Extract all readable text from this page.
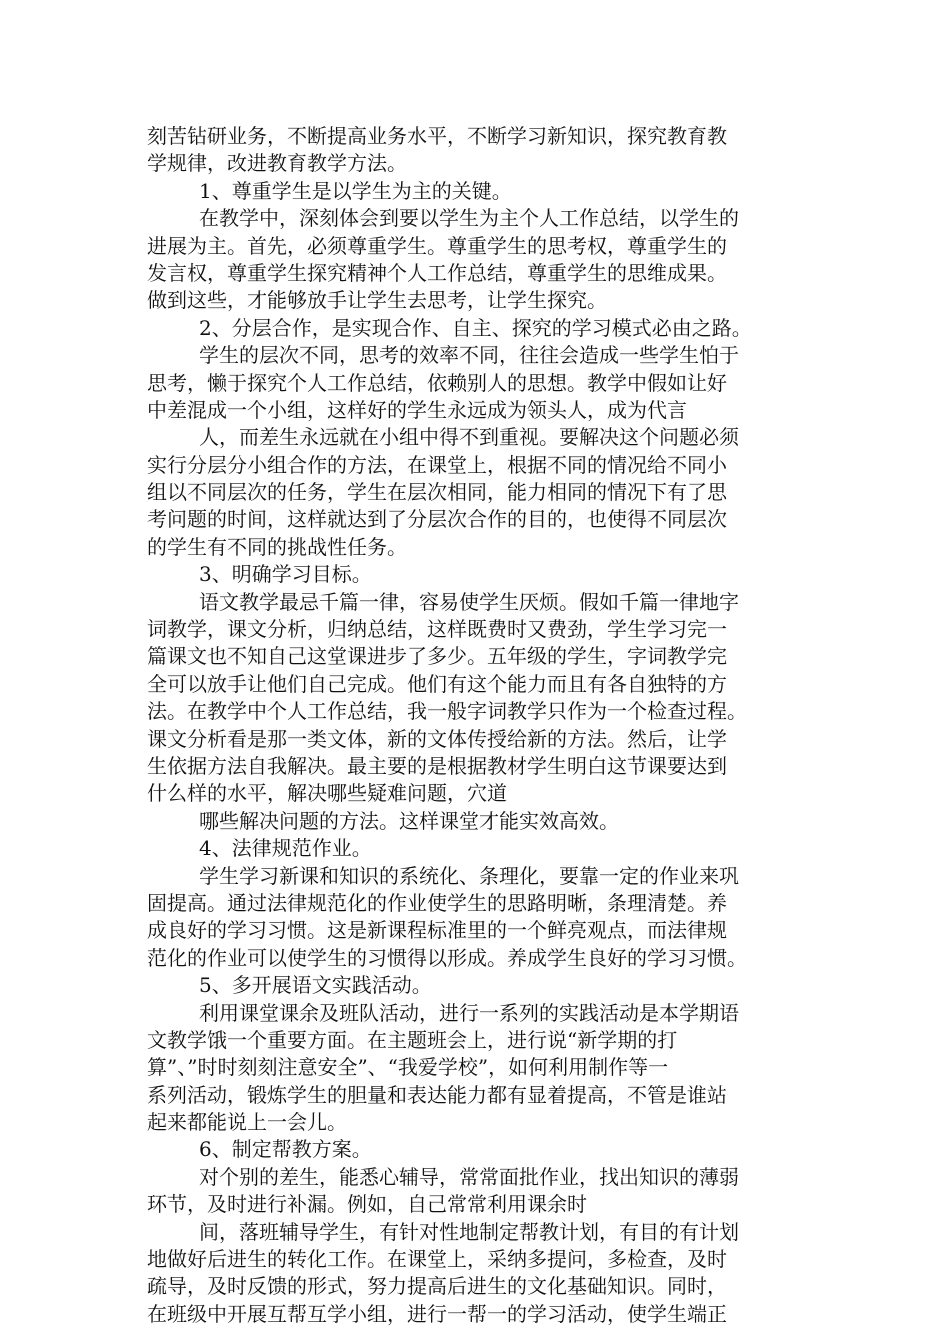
刻苦钻研业务，不断提高业务水平，不断学习新知识，探究教育教
学规律，改进教育教学方法。
1、尊重学生是以学生为主的关键。
在教学中，深刻体会到要以学生为主个人工作总结，以学生的
进展为主。首先，必须尊重学生。尊重学生的思考权，尊重学生的
发言权，尊重学生探究精神个人工作总结，尊重学生的思维成果。
做到这些，才能够放手让学生去思考，让学生探究。
2、分层合作，是实现合作、自主、探究的学习模式必由之路。
学生的层次不同，思考的效率不同，往往会造成一些学生怕于
思考，懒于探究个人工作总结，依赖别人的思想。教学中假如让好
中差混成一个小组，这样好的学生永远成为领头人，成为代言
人，而差生永远就在小组中得不到重视。要解决这个问题必须
实行分层分小组合作的方法，在课堂上，根据不同的情况给不同小
组以不同层次的任务，学生在层次相同，能力相同的情况下有了思
考问题的时间，这样就达到了分层次合作的目的，也使得不同层次
的学生有不同的挑战性任务。
3、明确学习目标。
语文教学最忌千篇一律，容易使学生厌烦。假如千篇一律地字
词教学，课文分析，归纳总结，这样既费时又费劲，学生学习完一
篇课文也不知自己这堂课进步了多少。五年级的学生，字词教学完
全可以放手让他们自己完成。他们有这个能力而且有各自独特的方
法。在教学中个人工作总结，我一般字词教学只作为一个检查过程。
课文分析看是那一类文体，新的文体传授给新的方法。然后，让学
生依据方法自我解决。最主要的是根据教材学生明白这节课要达到
什么样的水平，解决哪些疑难问题，穴道
哪些解决问题的方法。这样课堂才能实效高效。
4、法律规范作业。
学生学习新课和知识的系统化、条理化，要靠一定的作业来巩
固提高。通过法律规范化的作业使学生的思路明晰，条理清楚。养
成良好的学习习惯。这是新课程标准里的一个鲜亮观点，而法律规
范化的作业可以使学生的习惯得以形成。养成学生良好的学习习惯。
5、多开展语文实践活动。
利用课堂课余及班队活动，进行一系列的实践活动是本学期语
文教学饿一个重要方面。在主题班会上，进行说“新学期的打
算”、”时时刻刻注意安全”、“我爱学校”，如何利用制作等一
系列活动，锻炼学生的胆量和表达能力都有显着提高，不管是谁站
起来都能说上一会儿。
6、制定帮教方案。
对个别的差生，能悉心辅导，常常面批作业，找出知识的薄弱
环节，及时进行补漏。例如，自己常常利用课余时
间，落班辅导学生，有针对性地制定帮教计划，有目的有计划
地做好后进生的转化工作。在课堂上，采纳多提问，多检查，及时
疏导，及时反馈的形式，努力提高后进生的文化基础知识。同时，
在班级中开展互帮互学小组，进行一帮一的学习活动，使学生端正
